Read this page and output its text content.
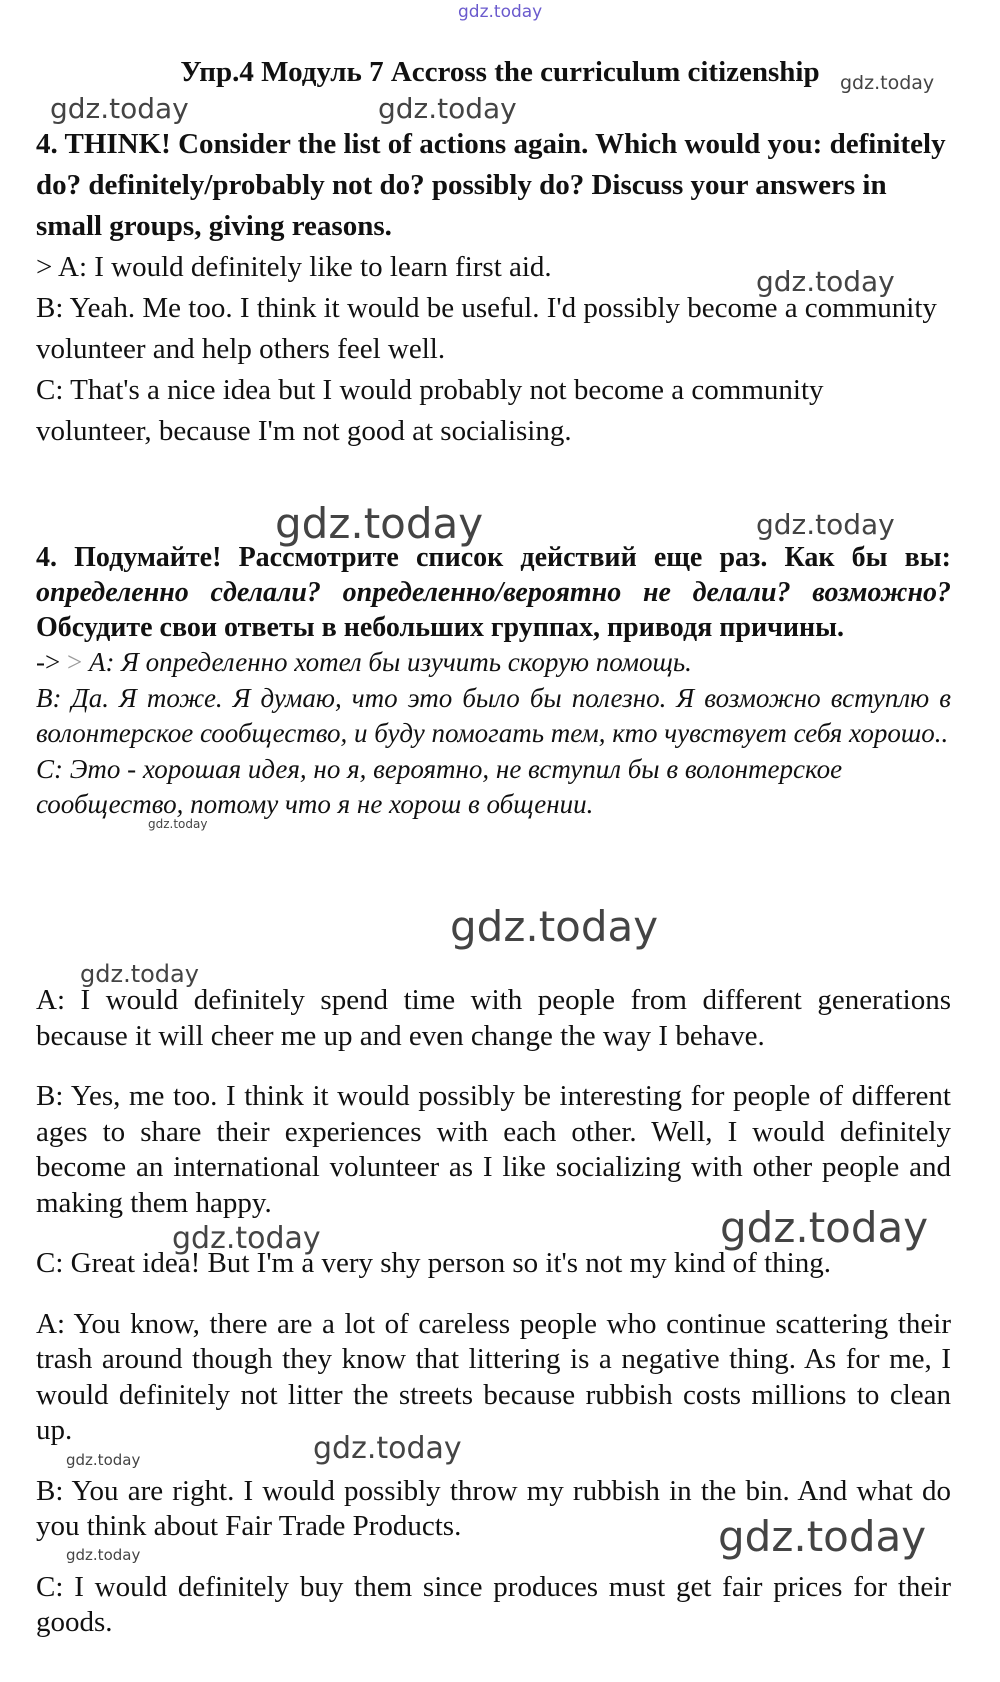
Упр.4 Модуль 7 Accross the curriculum citizenship

4. THINK! Consider the list of actions again. Which would you: definitely do? definitely/probably not do? possibly do? Discuss your answers in small groups, giving reasons.

> A: I would definitely like to learn first aid.

B: Yeah. Me too. I think it would be useful. I'd possibly become a community volunteer and help others feel well.

C: That's a nice idea but I would probably not become a community volunteer, because I'm not good at socialising.

4. Подумайте! Рассмотрите список действий еще раз. Как бы вы: определенно сделали? определенно/вероятно не делали? возможно? Обсудите свои ответы в небольших группах, приводя причины.

-> > A: Я определенно хотел бы изучить скорую помощь.

B: Да. Я тоже. Я думаю, что это было бы полезно. Я возможно вступлю в волонтерское сообщество, и буду помогать тем, кто чувствует себя хорошо..

C: Это - хорошая идея, но я, вероятно, не вступил бы в волонтерское сообщество, потому что я не хорош в общении.

A: I would definitely spend time with people from different generations because it will cheer me up and even change the way I behave.

B: Yes, me too. I think it would possibly be interesting for people of different ages to share their experiences with each other. Well, I would definitely become an international volunteer as I like socializing with other people and making them happy.

C: Great idea! But I'm a very shy person so it's not my kind of thing.

A: You know, there are a lot of careless people who continue scattering their trash around though they know that littering is a negative thing. As for me, I would definitely not litter the streets because rubbish costs millions to clean up.

B: You are right. I would possibly throw my rubbish in the bin. And what do you think about Fair Trade Products.

C: I would definitely buy them since produces must get fair prices for their goods.

gdz.today
gdz.today
gdz.today	gdz.today
gdz.today
gdz.today	gdz.today
gdz.today
gdz.today
gdz.today
gdz.today	gdz.today
gdz.today	gdz.today
gdz.today
gdz.today
